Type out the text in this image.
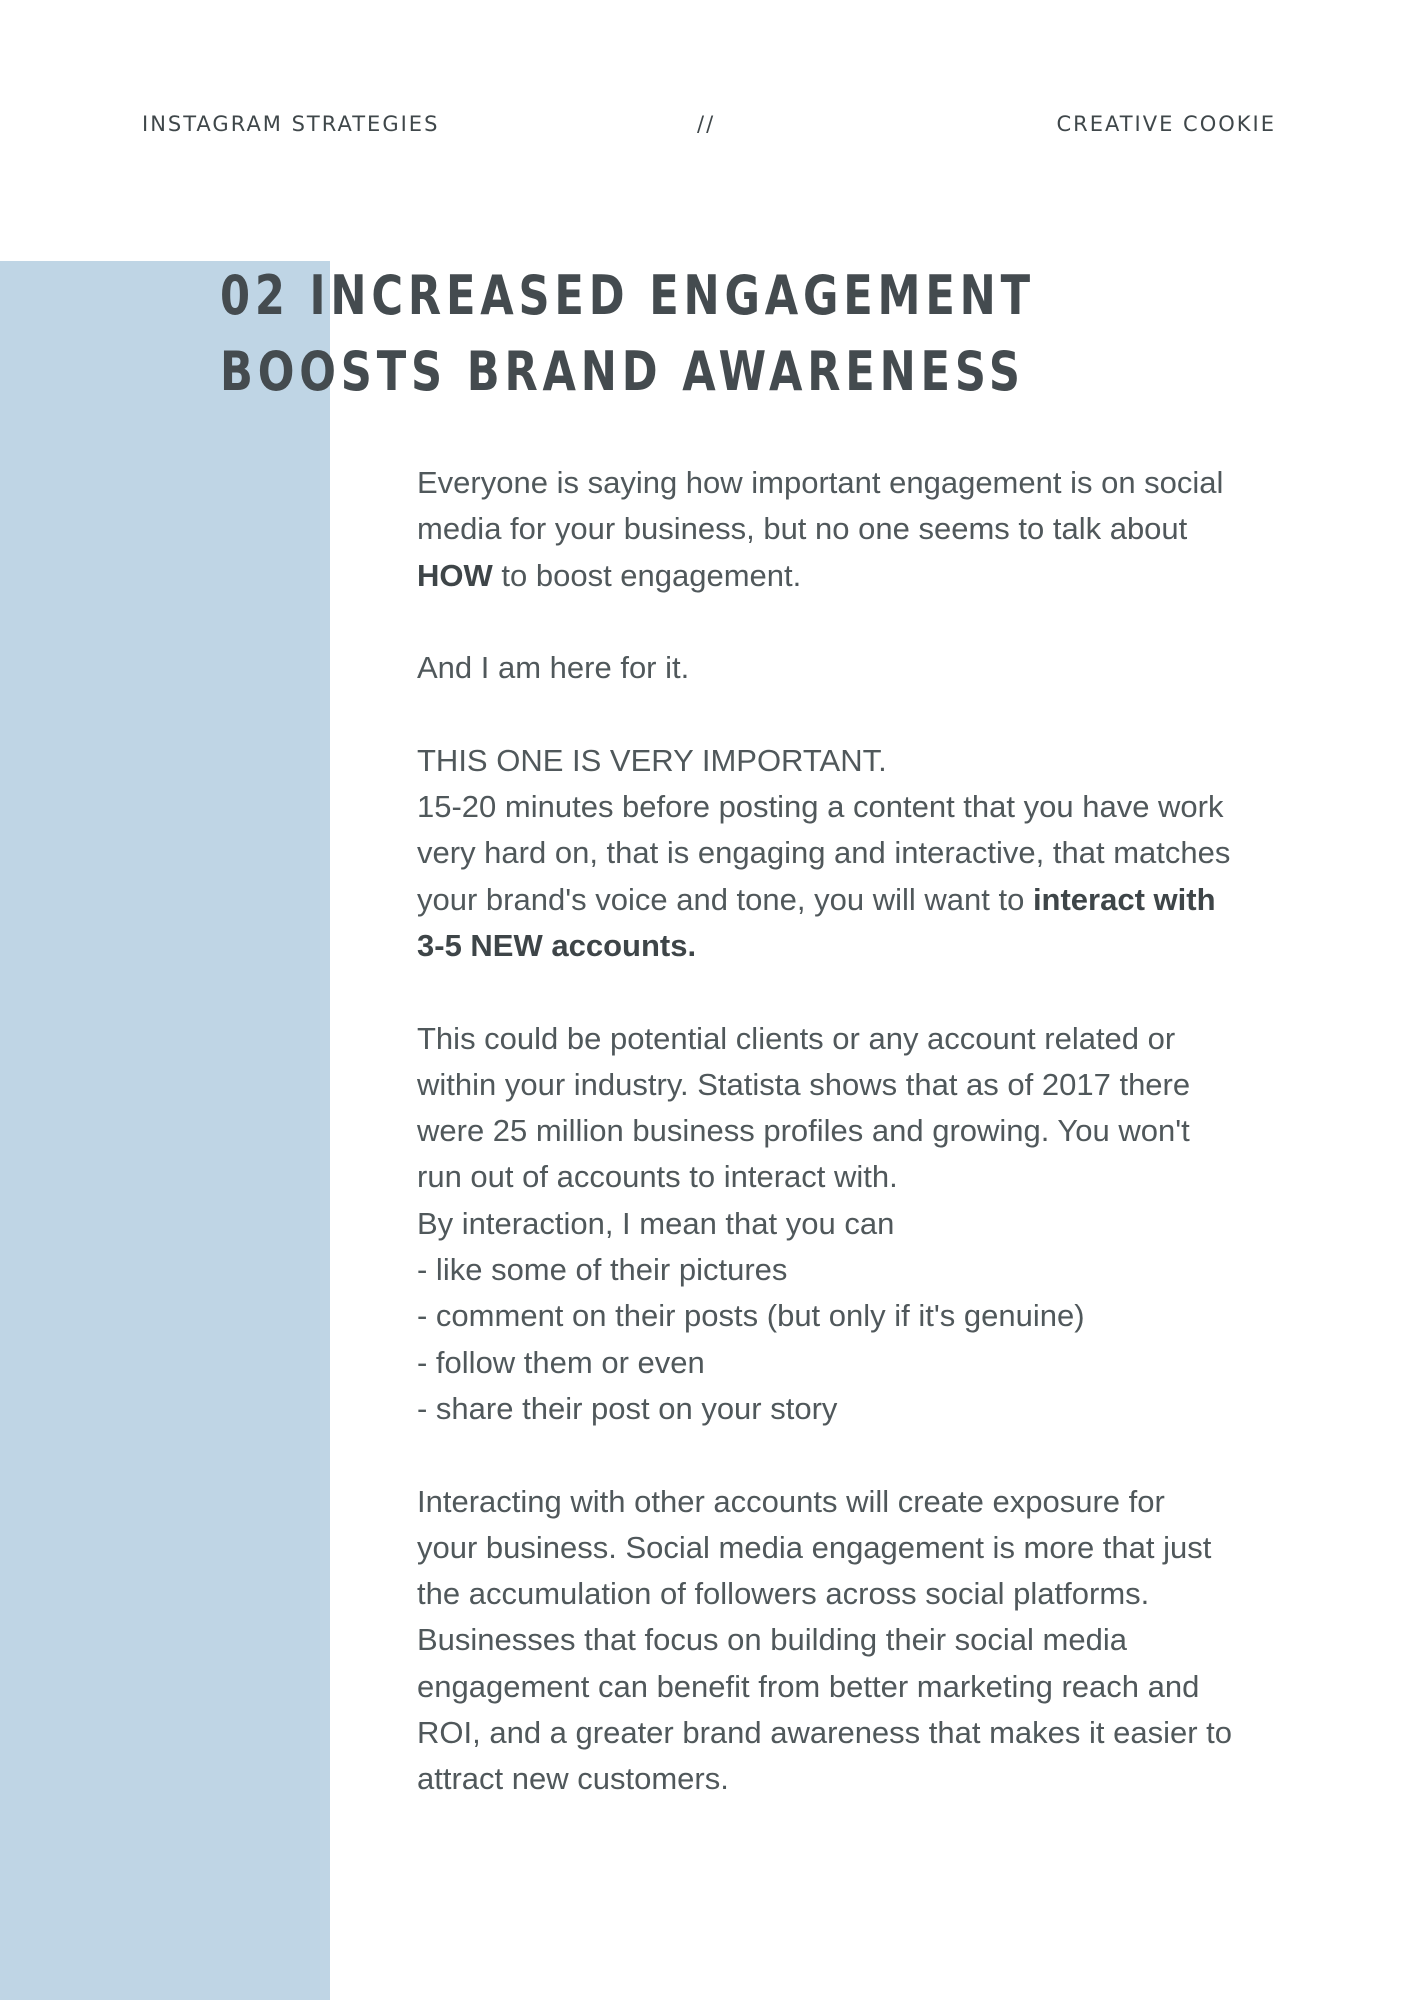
INSTAGRAM STRATEGIES	//	CREATIVE COOKIE
02 INCREASED ENGAGEMENT
BOOSTS BRAND AWARENESS

Everyone is saying how important engagement is on social
media for your business, but no one seems to talk about
HOW to boost engagement.

And I am here for it.

THIS ONE IS VERY IMPORTANT.
15-20 minutes before posting a content that you have work
very hard on, that is engaging and interactive, that matches
your brand's voice and tone, you will want to interact with
3-5 NEW accounts.

This could be potential clients or any account related or
within your industry. Statista shows that as of 2017 there
were 25 million business profiles and growing. You won't
run out of accounts to interact with.
By interaction, I mean that you can
- like some of their pictures
- comment on their posts (but only if it's genuine)
- follow them or even
- share their post on your story

Interacting with other accounts will create exposure for
your business. Social media engagement is more that just
the accumulation of followers across social platforms.
Businesses that focus on building their social media
engagement can benefit from better marketing reach and
ROI, and a greater brand awareness that makes it easier to
attract new customers.
